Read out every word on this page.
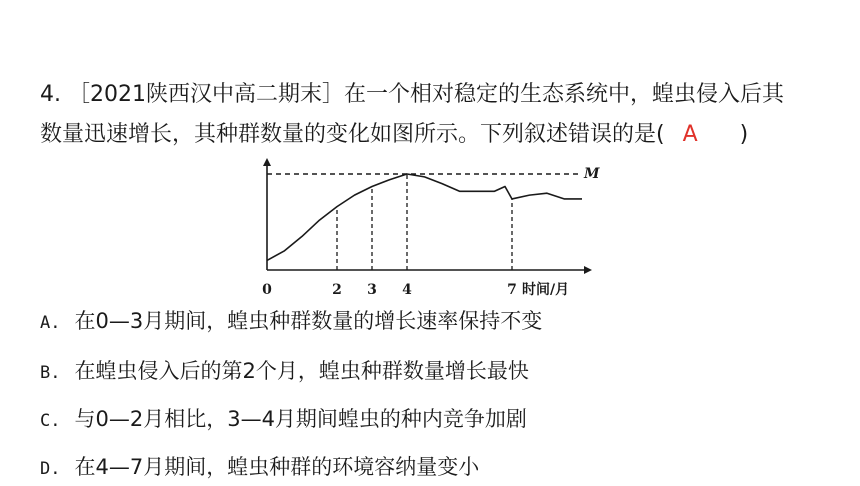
4. ［2021陕西汉中高二期末］在一个相对稳定的生态系统中，蝗虫侵入后其
数量迅速增长，其种群数量的变化如图所示。下列叙述错误的是( A )
0	2 3 4	7
M
时间/月
A. 在0—3月期间，蝗虫种群数量的增长速率保持不变
B. 在蝗虫侵入后的第2个月，蝗虫种群数量增长最快
C. 与0—2月相比，3—4月期间蝗虫的种内竞争加剧
D. 在4—7月期间，蝗虫种群的环境容纳量变小
